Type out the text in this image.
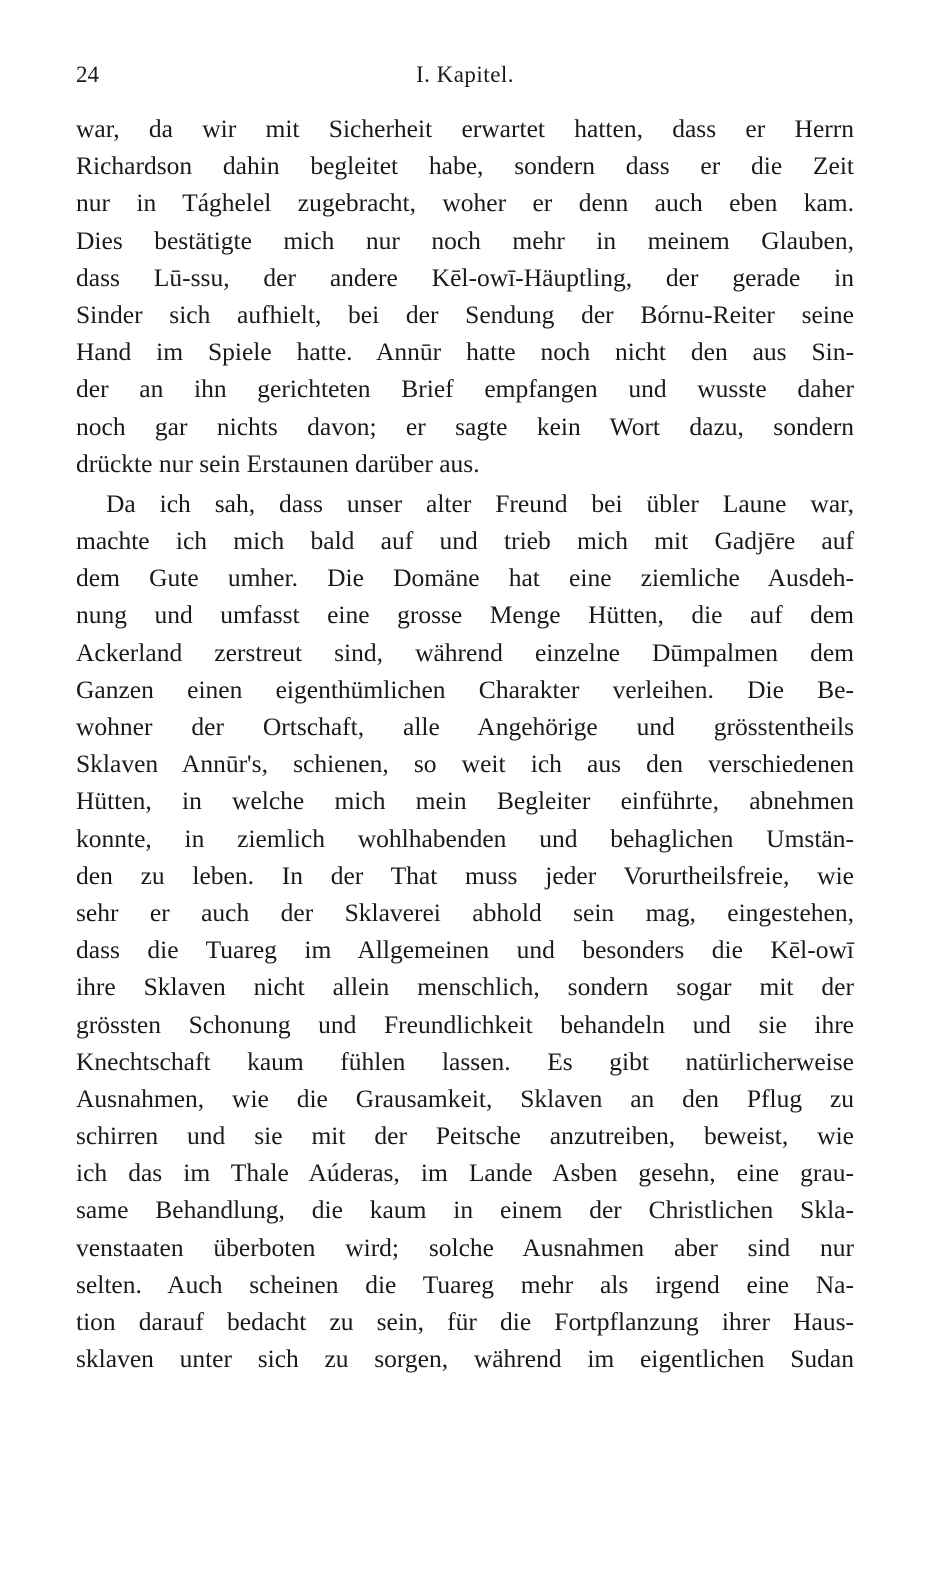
24	I. Kapitel.
war, da wir mit Sicherheit erwartet hatten, dass er Herrn
Richardson dahin begleitet habe, sondern dass er die Zeit
nur in Tághelel zugebracht, woher er denn auch eben kam.
Dies bestätigte mich nur noch mehr in meinem Glauben,
dass Lū-ssu, der andere Kēl-owī-Häuptling, der gerade in
Sinder sich aufhielt, bei der Sendung der Bórnu-Reiter seine
Hand im Spiele hatte. Annūr hatte noch nicht den aus Sin-
der an ihn gerichteten Brief empfangen und wusste daher
noch gar nichts davon; er sagte kein Wort dazu, sondern
drückte nur sein Erstaunen darüber aus.
Da ich sah, dass unser alter Freund bei übler Laune war,
machte ich mich bald auf und trieb mich mit Gadjēre auf
dem Gute umher. Die Domäne hat eine ziemliche Ausdeh-
nung und umfasst eine grosse Menge Hütten, die auf dem
Ackerland zerstreut sind, während einzelne Dūmpalmen dem
Ganzen einen eigenthümlichen Charakter verleihen. Die Be-
wohner der Ortschaft, alle Angehörige und grösstentheils
Sklaven Annūr's, schienen, so weit ich aus den verschiedenen
Hütten, in welche mich mein Begleiter einführte, abnehmen
konnte, in ziemlich wohlhabenden und behaglichen Umstän-
den zu leben. In der That muss jeder Vorurtheilsfreie, wie
sehr er auch der Sklaverei abhold sein mag, eingestehen,
dass die Tuareg im Allgemeinen und besonders die Kēl-owī
ihre Sklaven nicht allein menschlich, sondern sogar mit der
grössten Schonung und Freundlichkeit behandeln und sie ihre
Knechtschaft kaum fühlen lassen. Es gibt natürlicherweise
Ausnahmen, wie die Grausamkeit, Sklaven an den Pflug zu
schirren und sie mit der Peitsche anzutreiben, beweist, wie
ich das im Thale Aúderas, im Lande Asben gesehn, eine grau-
same Behandlung, die kaum in einem der Christlichen Skla-
venstaaten überboten wird; solche Ausnahmen aber sind nur
selten. Auch scheinen die Tuareg mehr als irgend eine Na-
tion darauf bedacht zu sein, für die Fortpflanzung ihrer Haus-
sklaven unter sich zu sorgen, während im eigentlichen Sudan
